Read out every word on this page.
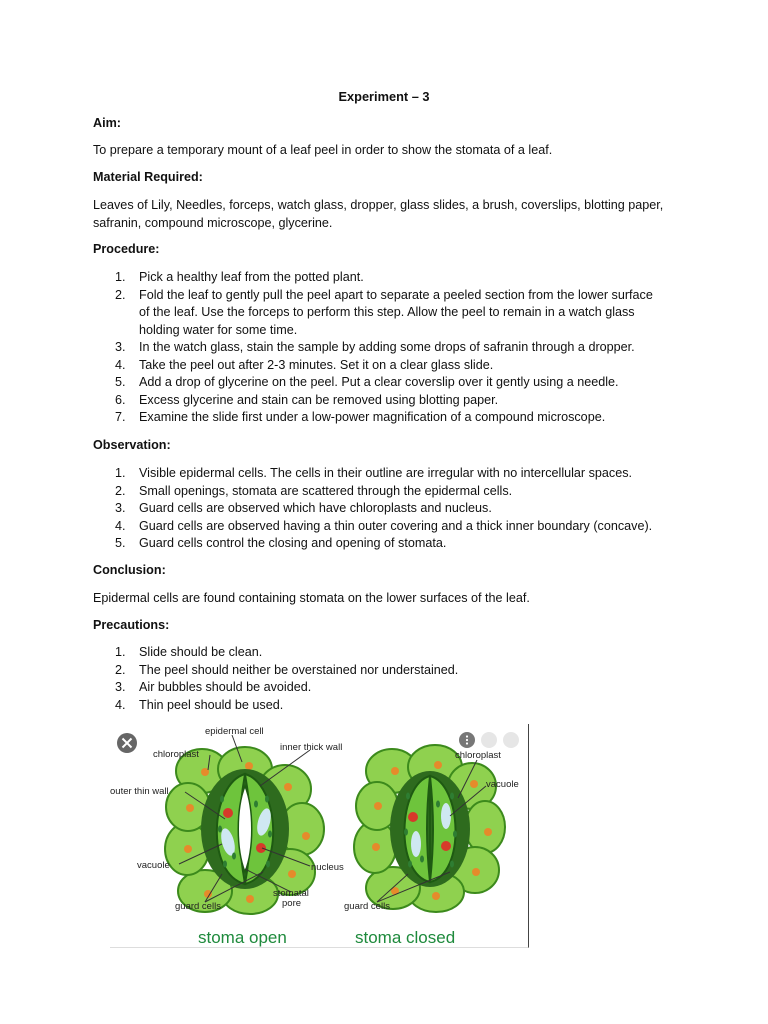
Experiment – 3
Aim:
To prepare a temporary mount of a leaf peel in order to show the stomata of a leaf.
Material Required:
Leaves of Lily, Needles, forceps, watch glass, dropper, glass slides, a brush, coverslips, blotting paper,
safranin, compound microscope, glycerine.
Procedure:
1. Pick a healthy leaf from the potted plant.
2. Fold the leaf to gently pull the peel apart to separate a peeled section from the lower surface
of the leaf. Use the forceps to perform this step. Allow the peel to remain in a watch glass
holding water for some time.
3. In the watch glass, stain the sample by adding some drops of safranin through a dropper.
4. Take the peel out after 2-3 minutes. Set it on a clear glass slide.
5. Add a drop of glycerine on the peel. Put a clear coverslip over it gently using a needle.
6. Excess glycerine and stain can be removed using blotting paper.
7. Examine the slide first under a low-power magnification of a compound microscope.
Observation:
1. Visible epidermal cells. The cells in their outline are irregular with no intercellular spaces.
2. Small openings, stomata are scattered through the epidermal cells.
3. Guard cells are observed which have chloroplasts and nucleus.
4. Guard cells are observed having a thin outer covering and a thick inner boundary (concave).
5. Guard cells control the closing and opening of stomata.
Conclusion:
Epidermal cells are found containing stomata on the lower surfaces of the leaf.
Precautions:
1. Slide should be clean.
2. The peel should neither be overstained nor understained.
3. Air bubbles should be avoided.
4. Thin peel should be used.
epidermal cell
inner thick wall
chloroplast
outer thin wall
vacuole	nucleus
stomatal
pore
guard cells
chloroplast
vacuole
guard cells
stoma open	stoma closed
